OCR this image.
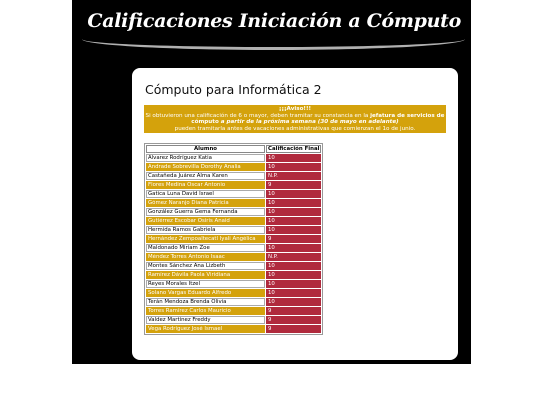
Calificaciones Iniciación a Cómputo
Cómputo para Informática 2
¡¡¡Aviso!!!
Si obtuvieron una calificación de 6 o mayor, deben tramitar su constancia en la jefatura de servicios de cómputo a partir de la próxima semana (30 de mayo en adelante)
pueden tramitarla antes de vacaciones administrativas que comienzan el 1o de junio.
Alumno	Calificación Final
Álvarez Rodríguez Katia	10
Andrade Sobrevilla Dorothy Analia	10
Castañeda Juárez Alma Karen	N.P.
Flores Medina Oscar Antonio	9
Gatica Luna David Israel	10
Gómez Naranjo Diana Patricia	10
González Guerra Gema Fernanda	10
Gutiérrez Escobar Osiris Anaid	10
Hermida Ramos Gabriela	10
Hernández Zempoaltecatl Iyali Angélica	9
Maldonado Miriam Zoe	10
Méndez Torres Antonio Isaac	N.P.
Montes Sánchez Ana Lizbeth	10
Ramírez Dávila Paola Viridiana	10
Reyes Morales Itzel	10
Solano Vargas Eduardo Alfredo	10
Terán Mendoza Brenda Olivia	10
Torres Ramírez Carlos Mauricio	9
Valdez Martínez Freddy	9
Vega Rodríguez José Ismael	9
